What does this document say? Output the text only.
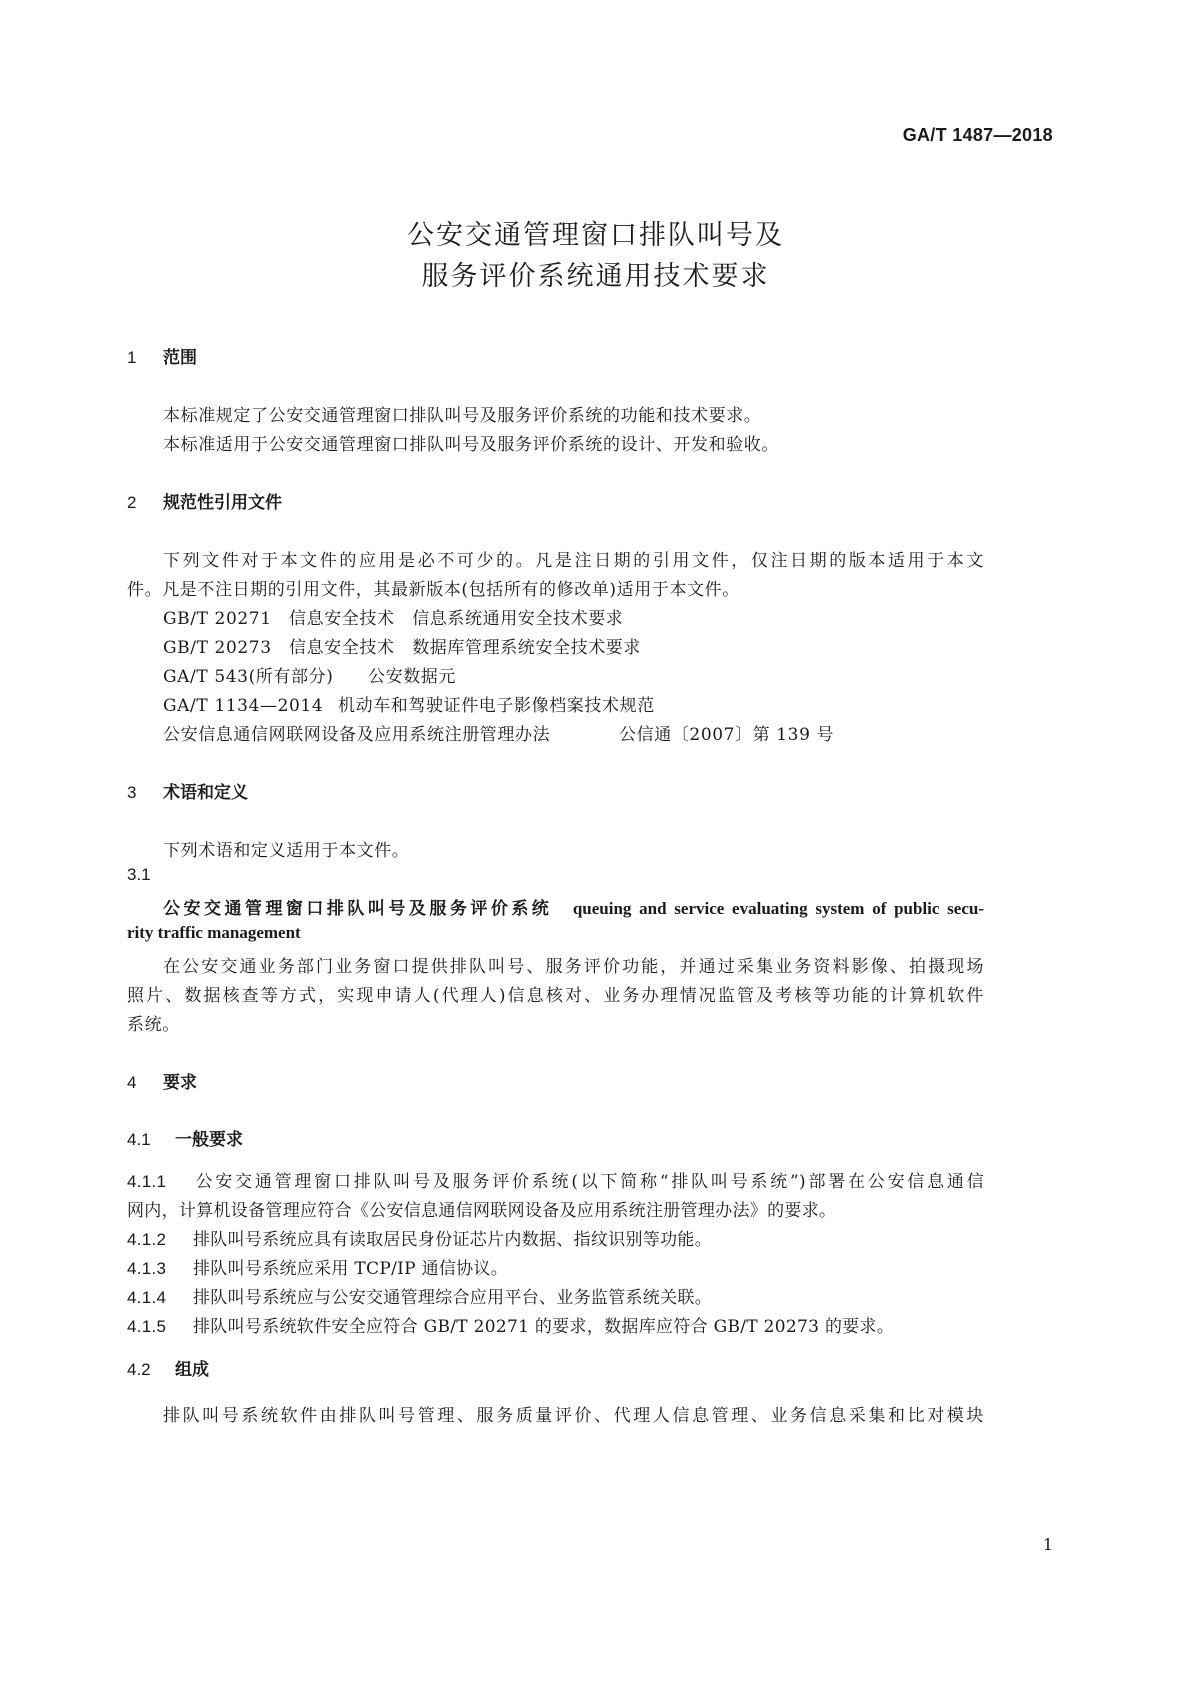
GA/T 1487—2018
公安交通管理窗口排队叫号及
服务评价系统通用技术要求
1 范围
本标准规定了公安交通管理窗口排队叫号及服务评价系统的功能和技术要求。
本标准适用于公安交通管理窗口排队叫号及服务评价系统的设计、开发和验收。
2 规范性引用文件
下列文件对于本文件的应用是必不可少的。凡是注日期的引用文件，仅注日期的版本适用于本文
件。凡是不注日期的引用文件，其最新版本(包括所有的修改单)适用于本文件。
GB/T 20271 信息安全技术　信息系统通用安全技术要求
GB/T 20273 信息安全技术　数据库管理系统安全技术要求
GA/T 543(所有部分) 公安数据元
GA/T 1134—2014 机动车和驾驶证件电子影像档案技术规范
公安信息通信网联网设备及应用系统注册管理办法	公信通〔2007〕第 139 号
3 术语和定义
下列术语和定义适用于本文件。
3.1
公安交通管理窗口排队叫号及服务评价系统　 queuing and service evaluating system of public secu-
rity traffic management
在公安交通业务部门业务窗口提供排队叫号、服务评价功能，并通过采集业务资料影像、拍摄现场
照片、数据核查等方式，实现申请人(代理人)信息核对、业务办理情况监管及考核等功能的计算机软件
系统。
4 要求
4.1 一般要求
4.1.1 公安交通管理窗口排队叫号及服务评价系统(以下简称“排队叫号系统”)部署在公安信息通信
网内，计算机设备管理应符合《公安信息通信网联网设备及应用系统注册管理办法》的要求。
4.1.2 排队叫号系统应具有读取居民身份证芯片内数据、指纹识别等功能。
4.1.3 排队叫号系统应采用 TCP/IP 通信协议。
4.1.4 排队叫号系统应与公安交通管理综合应用平台、业务监管系统关联。
4.1.5 排队叫号系统软件安全应符合 GB/T 20271 的要求，数据库应符合 GB/T 20273 的要求。
4.2 组成
排队叫号系统软件由排队叫号管理、服务质量评价、代理人信息管理、业务信息采集和比对模块
1
